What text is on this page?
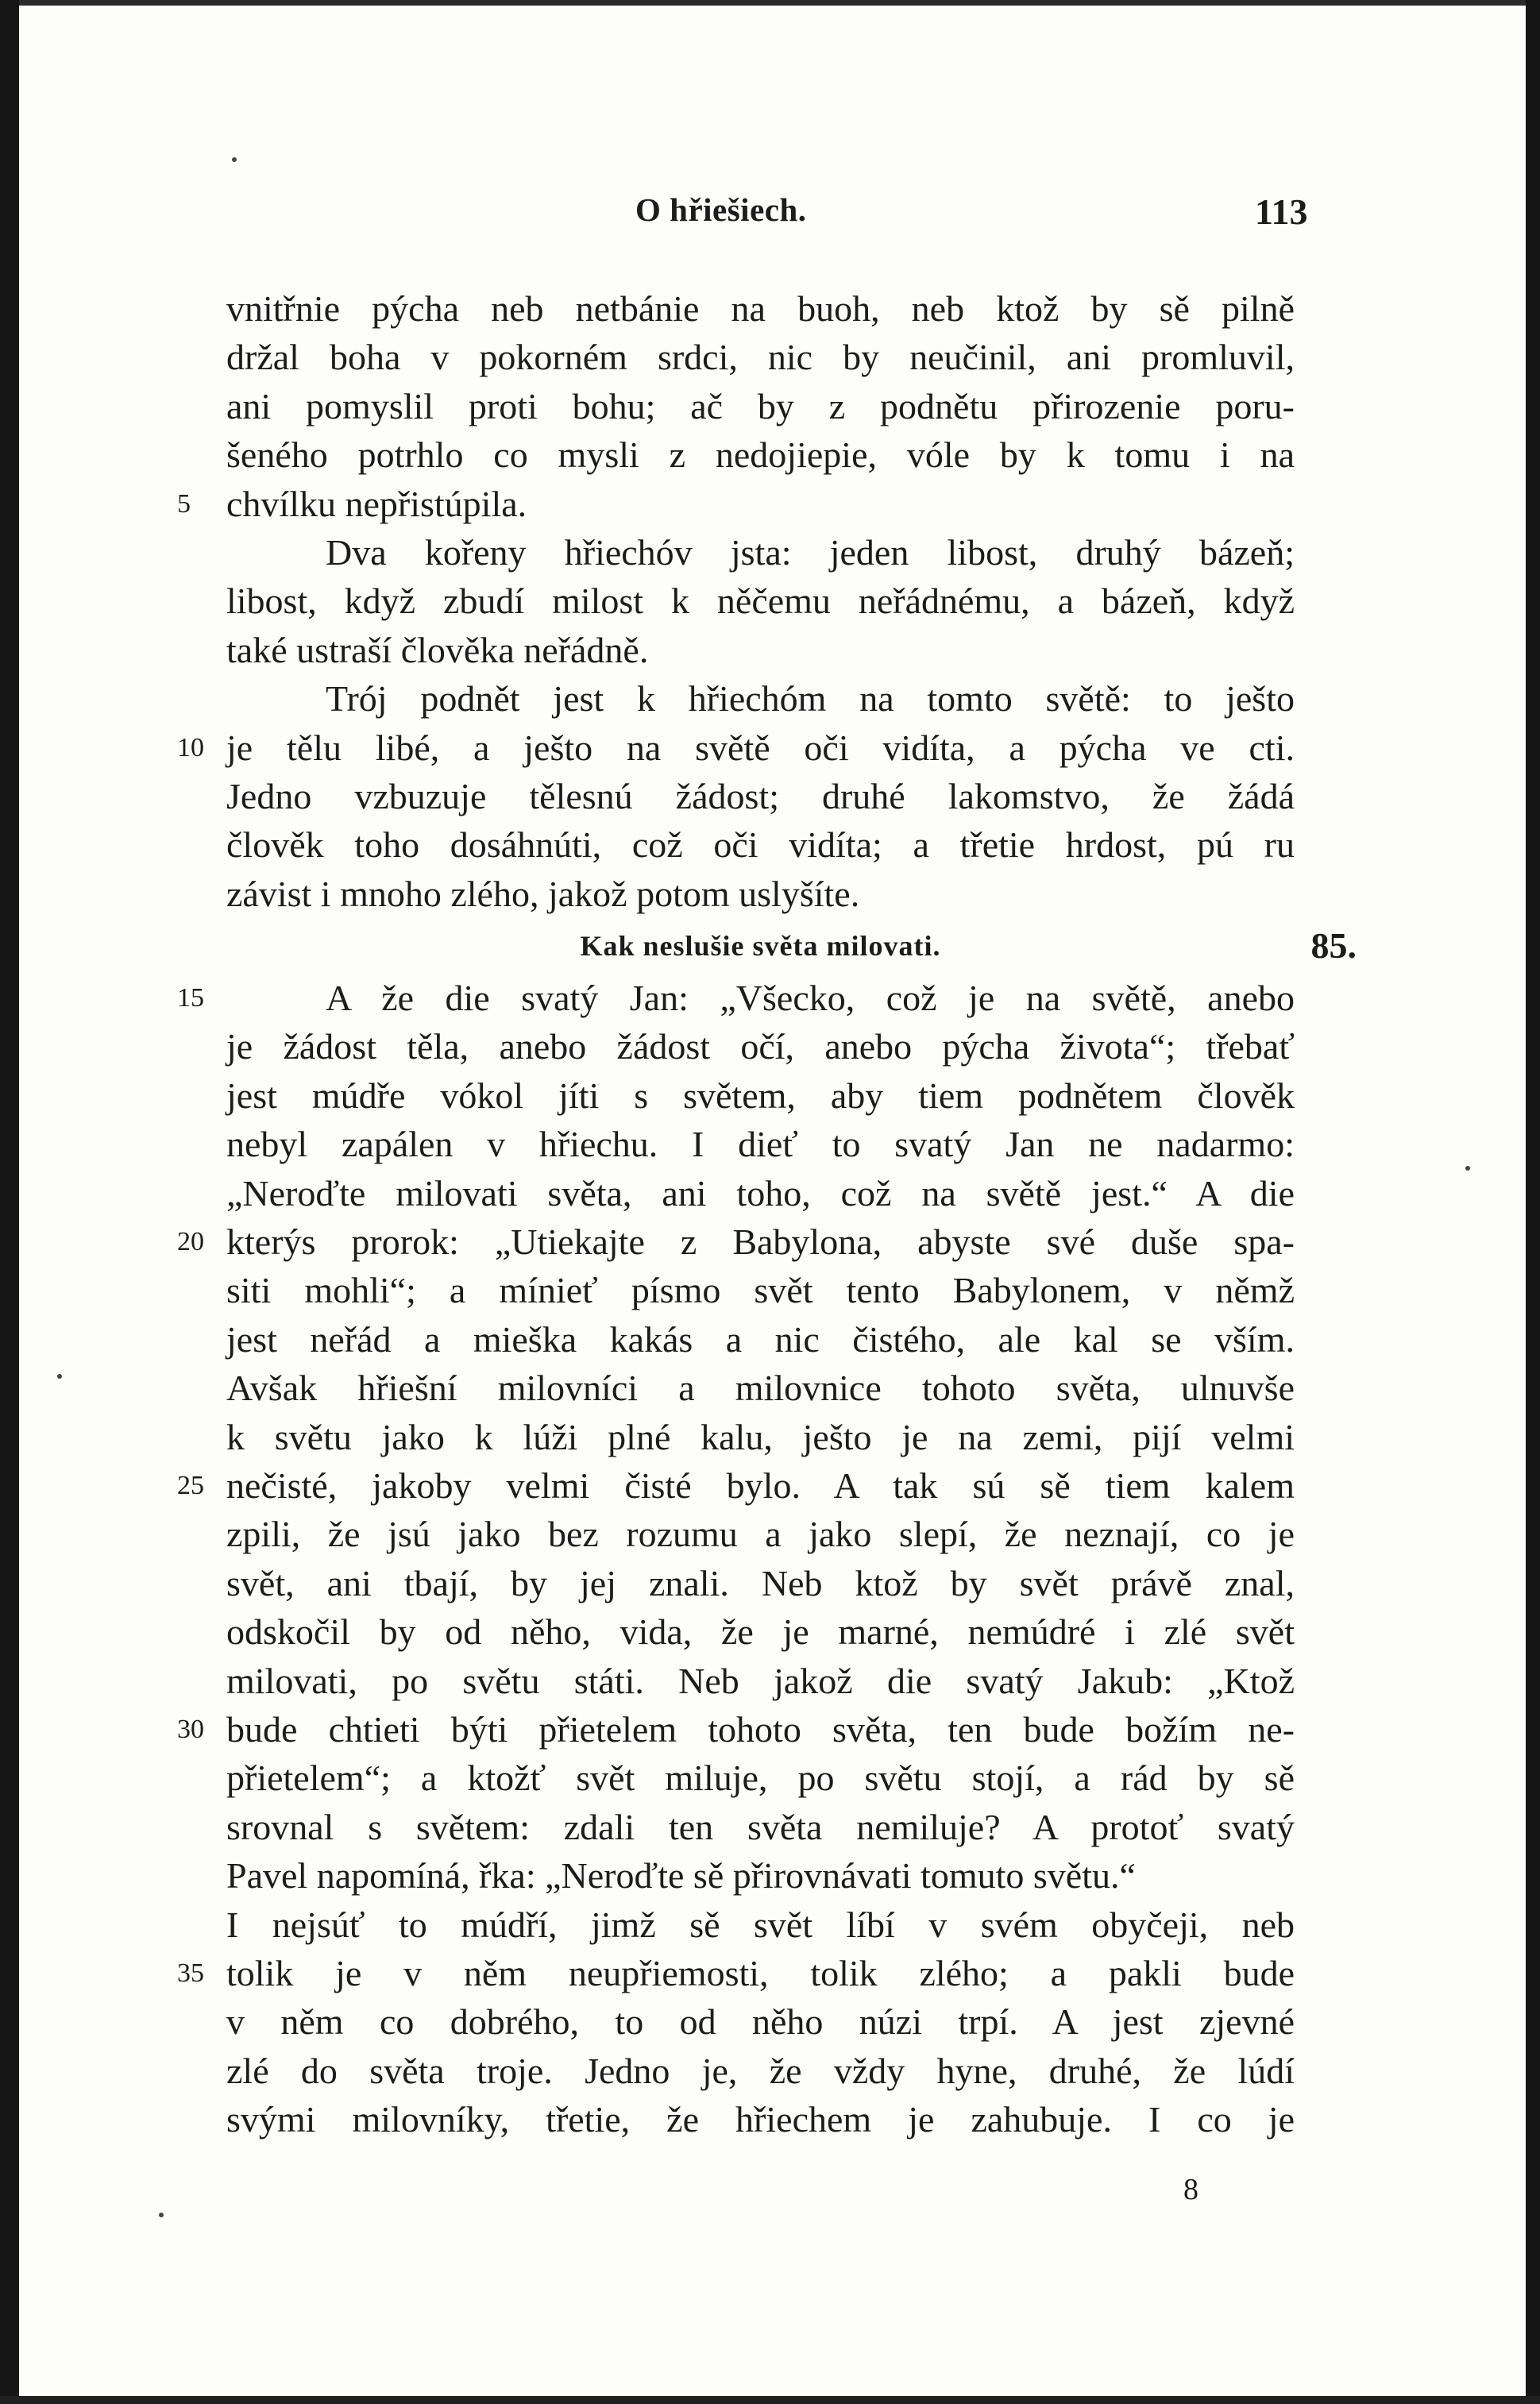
O hřiešiech.	113
vnitřnie pýcha neb netbánie na buoh, neb ktož by sě pilně
držal boha v pokorném srdci, nic by neučinil, ani promluvil,
ani pomyslil proti bohu; ač by z podnětu přirozenie poru-
šeného potrhlo co mysli z nedojiepie, vóle by k tomu i na
5 chvílku nepřistúpila.
Dva kořeny hřiechóv jsta: jeden libost, druhý bázeň;
libost, když zbudí milost k něčemu neřádnému, a bázeň, když
také ustraší člověka neřádně.
Trój podnět jest k hřiechóm na tomto světě: to ješto
10 je tělu libé, a ješto na světě oči vidíta, a pýcha ve cti.
Jedno vzbuzuje tělesnú žádost; druhé lakomstvo, že žádá
člověk toho dosáhnúti, což oči vidíta; a třetie hrdost, pú ru
závist i mnoho zlého, jakož potom uslyšíte.
Kak neslušie světa milovati.	85.
15	A že die svatý Jan: „Všecko, což je na světě, anebo
je žádost těla, anebo žádost očí, anebo pýcha života“; třebať
jest múdře vókol jíti s světem, aby tiem podnětem člověk
nebyl zapálen v hřiechu. I dieť to svatý Jan ne nadarmo:
„Neroďte milovati světa, ani toho, což na světě jest.“ A die
20 kterýs prorok: „Utiekajte z Babylona, abyste své duše spa-
siti mohli“; a mínieť písmo svět tento Babylonem, v němž
jest neřád a mieška kakás a nic čistého, ale kal se vším.
Avšak hřiešní milovníci a milovnice tohoto světa, ulnuvše
k světu jako k lúži plné kalu, ješto je na zemi, pijí velmi
25 nečisté, jakoby velmi čisté bylo. A tak sú sě tiem kalem
zpili, že jsú jako bez rozumu a jako slepí, že neznají, co je
svět, ani tbají, by jej znali. Neb ktož by svět právě znal,
odskočil by od něho, vida, že je marné, nemúdré i zlé svět
milovati, po světu státi. Neb jakož die svatý Jakub: „Ktož
30 bude chtieti býti přietelem tohoto světa, ten bude božím ne-
přietelem“; a ktožť svět miluje, po světu stojí, a rád by sě
srovnal s světem: zdali ten světa nemiluje? A protoť svatý
Pavel napomíná, řka: „Neroďte sě přirovnávati tomuto světu.“
I nejsúť to múdří, jimž sě svět líbí v svém obyčeji, neb
35 tolik je v něm neupřiemosti, tolik zlého; a pakli bude
v něm co dobrého, to od něho núzi trpí. A jest zjevné
zlé do světa troje. Jedno je, že vždy hyne, druhé, že lúdí
svými milovníky, třetie, že hřiechem je zahubuje. I co je
8
